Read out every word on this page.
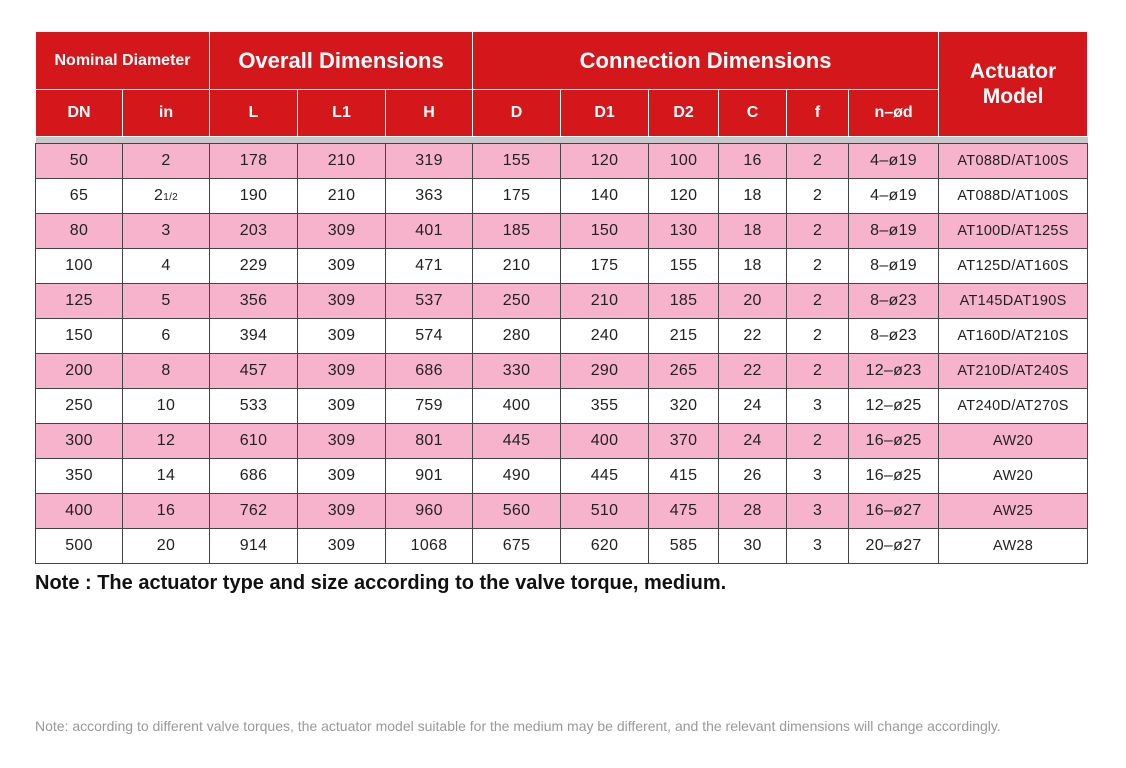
Nominal Diameter		Overall Dimensions			Connection Dimensions						Actuator
Model
DN	in	L	L1	H	D	D1	D2	C	f	n–ød	

50	2	178	210	319	155	120	100	16	2	4–ø19	AT088D/AT100S
65	21/2	190	210	363	175	140	120	18	2	4–ø19	AT088D/AT100S
80	3	203	309	401	185	150	130	18	2	8–ø19	AT100D/AT125S
100	4	229	309	471	210	175	155	18	2	8–ø19	AT125D/AT160S
125	5	356	309	537	250	210	185	20	2	8–ø23	AT145DAT190S
150	6	394	309	574	280	240	215	22	2	8–ø23	AT160D/AT210S
200	8	457	309	686	330	290	265	22	2	12–ø23	AT210D/AT240S
250	10	533	309	759	400	355	320	24	3	12–ø25	AT240D/AT270S
300	12	610	309	801	445	400	370	24	2	16–ø25	AW20
350	14	686	309	901	490	445	415	26	3	16–ø25	AW20
400	16	762	309	960	560	510	475	28	3	16–ø27	AW25
500	20	914	309	1068	675	620	585	30	3	20–ø27	AW28
Note : The actuator type and size according to the valve torque, medium.
Note: according to different valve torques, the actuator model suitable for the medium may be different, and the relevant dimensions will change accordingly.
